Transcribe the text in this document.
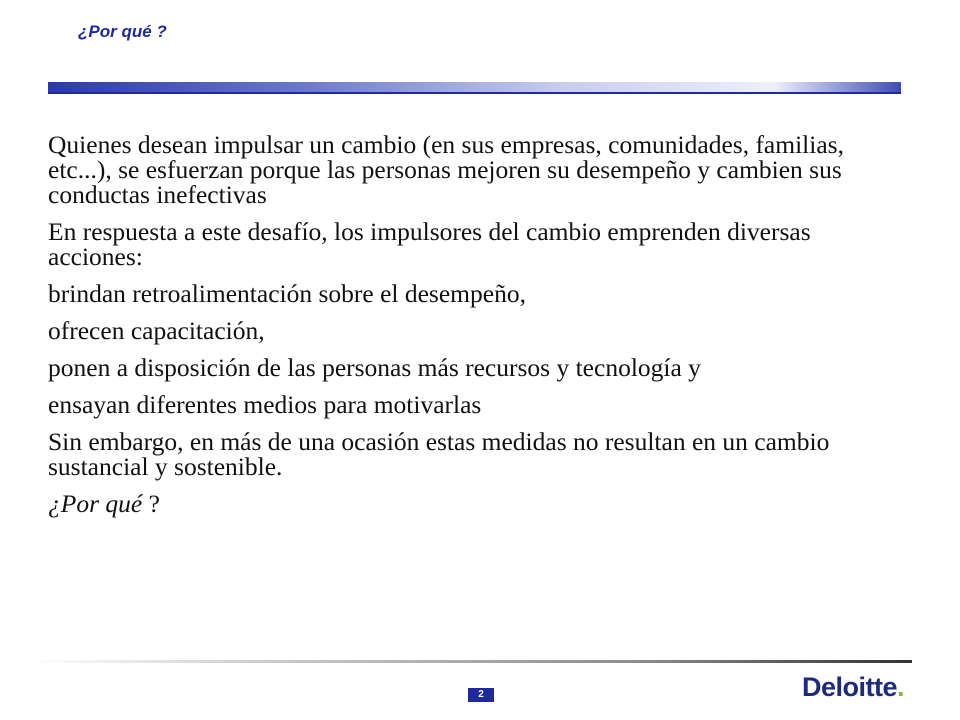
¿Por qué ?

Quienes desean impulsar un cambio (en sus empresas, comunidades, familias, etc...), se esfuerzan porque las personas mejoren su desempeño y cambien sus conductas inefectivas

En respuesta a este desafío, los impulsores del cambio emprenden diversas acciones:

brindan retroalimentación sobre el desempeño,

ofrecen capacitación,

ponen a disposición de las personas más recursos y tecnología y

ensayan diferentes medios para motivarlas

Sin embargo, en más de una ocasión estas medidas no resultan en un cambio sustancial y sostenible.

¿Por qué ?

2	Deloitte.
